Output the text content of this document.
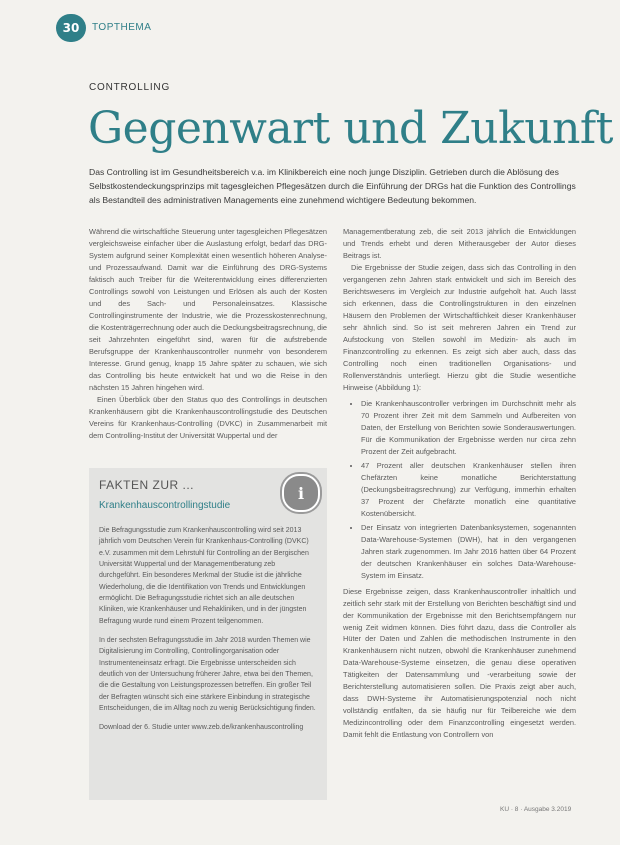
30	TOPTHEMA
CONTROLLING
Gegenwart und Zukunft

Das Controlling ist im Gesundheitsbereich v.a. im Klinikbereich eine noch junge Disziplin. Getrieben durch die Ablösung des Selbstkostendeckungsprinzips mit tagesgleichen Pflegesätzen durch die Einführung der DRGs hat die Funktion des Controllings als Bestandteil des administrativen Managements eine zunehmend wichtigere Bedeutung bekommen.

Während die wirtschaftliche Steuerung unter tagesgleichen Pflegesätzen vergleichsweise einfacher über die Auslastung erfolgt, bedarf das DRG-System aufgrund seiner Komplexität einen wesentlich höheren Analyse- und Prozessaufwand. Damit war die Einführung des DRG-Systems faktisch auch Treiber für die Weiterentwicklung eines differenzierten Controllings sowohl von Leistungen und Erlösen als auch der Kosten und des Sach- und Personaleinsatzes. Klassische Controllinginstrumente der Industrie, wie die Prozesskostenrechnung, die Kostenträgerrechnung oder auch die Deckungsbeitragsrechnung, die seit Jahrzehnten eingeführt sind, waren für die aufstrebende Berufsgruppe der Krankenhauscontroller nunmehr von besonderem Interesse. Grund genug, knapp 15 Jahre später zu schauen, wie sich das Controlling bis heute entwickelt hat und wo die Reise in den nächsten 15 Jahren hingehen wird.

Einen Überblick über den Status quo des Controllings in deutschen Krankenhäusern gibt die Krankenhauscontrollingstudie des Deutschen Vereins für Krankenhaus-Controlling (DVKC) in Zusammenarbeit mit dem Controlling-Institut der Universität Wuppertal und der

FAKTEN ZUR ...
Krankenhauscontrollingstudie
i

Die Befragungsstudie zum Krankenhauscontrolling wird seit 2013 jährlich vom Deutschen Verein für Krankenhaus-Controlling (DVKC) e.V. zusammen mit dem Lehrstuhl für Controlling an der Bergischen Universität Wuppertal und der Managementberatung zeb durchgeführt. Ein besonderes Merkmal der Studie ist die jährliche Wiederholung, die die Identifikation von Trends und Entwicklungen ermöglicht. Die Befragungsstudie richtet sich an alle deutschen Kliniken, wie Krankenhäuser und Rehakliniken, und in der jüngsten Befragung wurde rund einem Prozent teilgenommen.

In der sechsten Befragungsstudie im Jahr 2018 wurden Themen wie Digitalisierung im Controlling, Controllingorganisation oder Instrumenteneinsatz erfragt. Die Ergebnisse unterscheiden sich deutlich von der Untersuchung früherer Jahre, etwa bei den Themen, die die Gestaltung von Leistungsprozessen betreffen. Ein großer Teil der Befragten wünscht sich eine stärkere Einbindung in strategische Entscheidungen, die im Alltag noch zu wenig Berücksichtigung finden.

Download der 6. Studie unter www.zeb.de/krankenhauscontrolling

Managementberatung zeb, die seit 2013 jährlich die Entwicklungen und Trends erhebt und deren Mitherausgeber der Autor dieses Beitrags ist.

Die Ergebnisse der Studie zeigen, dass sich das Controlling in den vergangenen zehn Jahren stark entwickelt und sich im Bereich des Berichtswesens im Vergleich zur Industrie aufgeholt hat. Auch lässt sich erkennen, dass die Controllingstrukturen in den einzelnen Häusern den Problemen der Wirtschaftlichkeit dieser Krankenhäuser sehr ähnlich sind. So ist seit mehreren Jahren ein Trend zur Aufstockung von Stellen sowohl im Medizin- als auch im Finanzcontrolling zu erkennen. Es zeigt sich aber auch, dass das Controlling noch einen traditionellen Organisations- und Rollenverständnis unterliegt. Hierzu gibt die Studie wesentliche Hinweise (Abbildung 1):

• Die Krankenhauscontroller verbringen im Durchschnitt mehr als 70 Prozent ihrer Zeit mit dem Sammeln und Aufbereiten von Daten, der Erstellung von Berichten sowie Sonderauswertungen. Für die Kommunikation der Ergebnisse werden nur circa zehn Prozent der Zeit aufgebracht.
• 47 Prozent aller deutschen Krankenhäuser stellen ihren Chefärzten keine monatliche Berichterstattung (Deckungsbeitragsrechnung) zur Verfügung, immerhin erhalten 37 Prozent der Chefärzte monatlich eine quantitative Kostenübersicht.
• Der Einsatz von integrierten Datenbanksystemen, sogenannten Data-Warehouse-Systemen (DWH), hat in den vergangenen Jahren stark zugenommen. Im Jahr 2016 hatten über 64 Prozent der deutschen Krankenhäuser ein solches Data-Warehouse-System im Einsatz.

Diese Ergebnisse zeigen, dass Krankenhauscontroller inhaltlich und zeitlich sehr stark mit der Erstellung von Berichten beschäftigt sind und der Kommunikation der Ergebnisse mit den Berichtsempfängern nur wenig Zeit widmen können. Dies führt dazu, dass die Controller als Hüter der Daten und Zahlen die methodischen Instrumente in den Krankenhäusern nicht nutzen, obwohl die Krankenhäuser zunehmend Data-Warehouse-Systeme einsetzen, die genau diese operativen Tätigkeiten der Datensammlung und -verarbeitung sowie der Berichterstellung automatisieren sollen. Die Praxis zeigt aber auch, dass DWH-Systeme ihr Automatisierungspotenzial noch nicht vollständig entfalten, da sie häufig nur für Teilbereiche wie dem Medizincontrolling oder dem Finanzcontrolling eingesetzt werden. Damit fehlt die Entlastung von Controllern von

KU · 8 · Ausgabe 3.2019
